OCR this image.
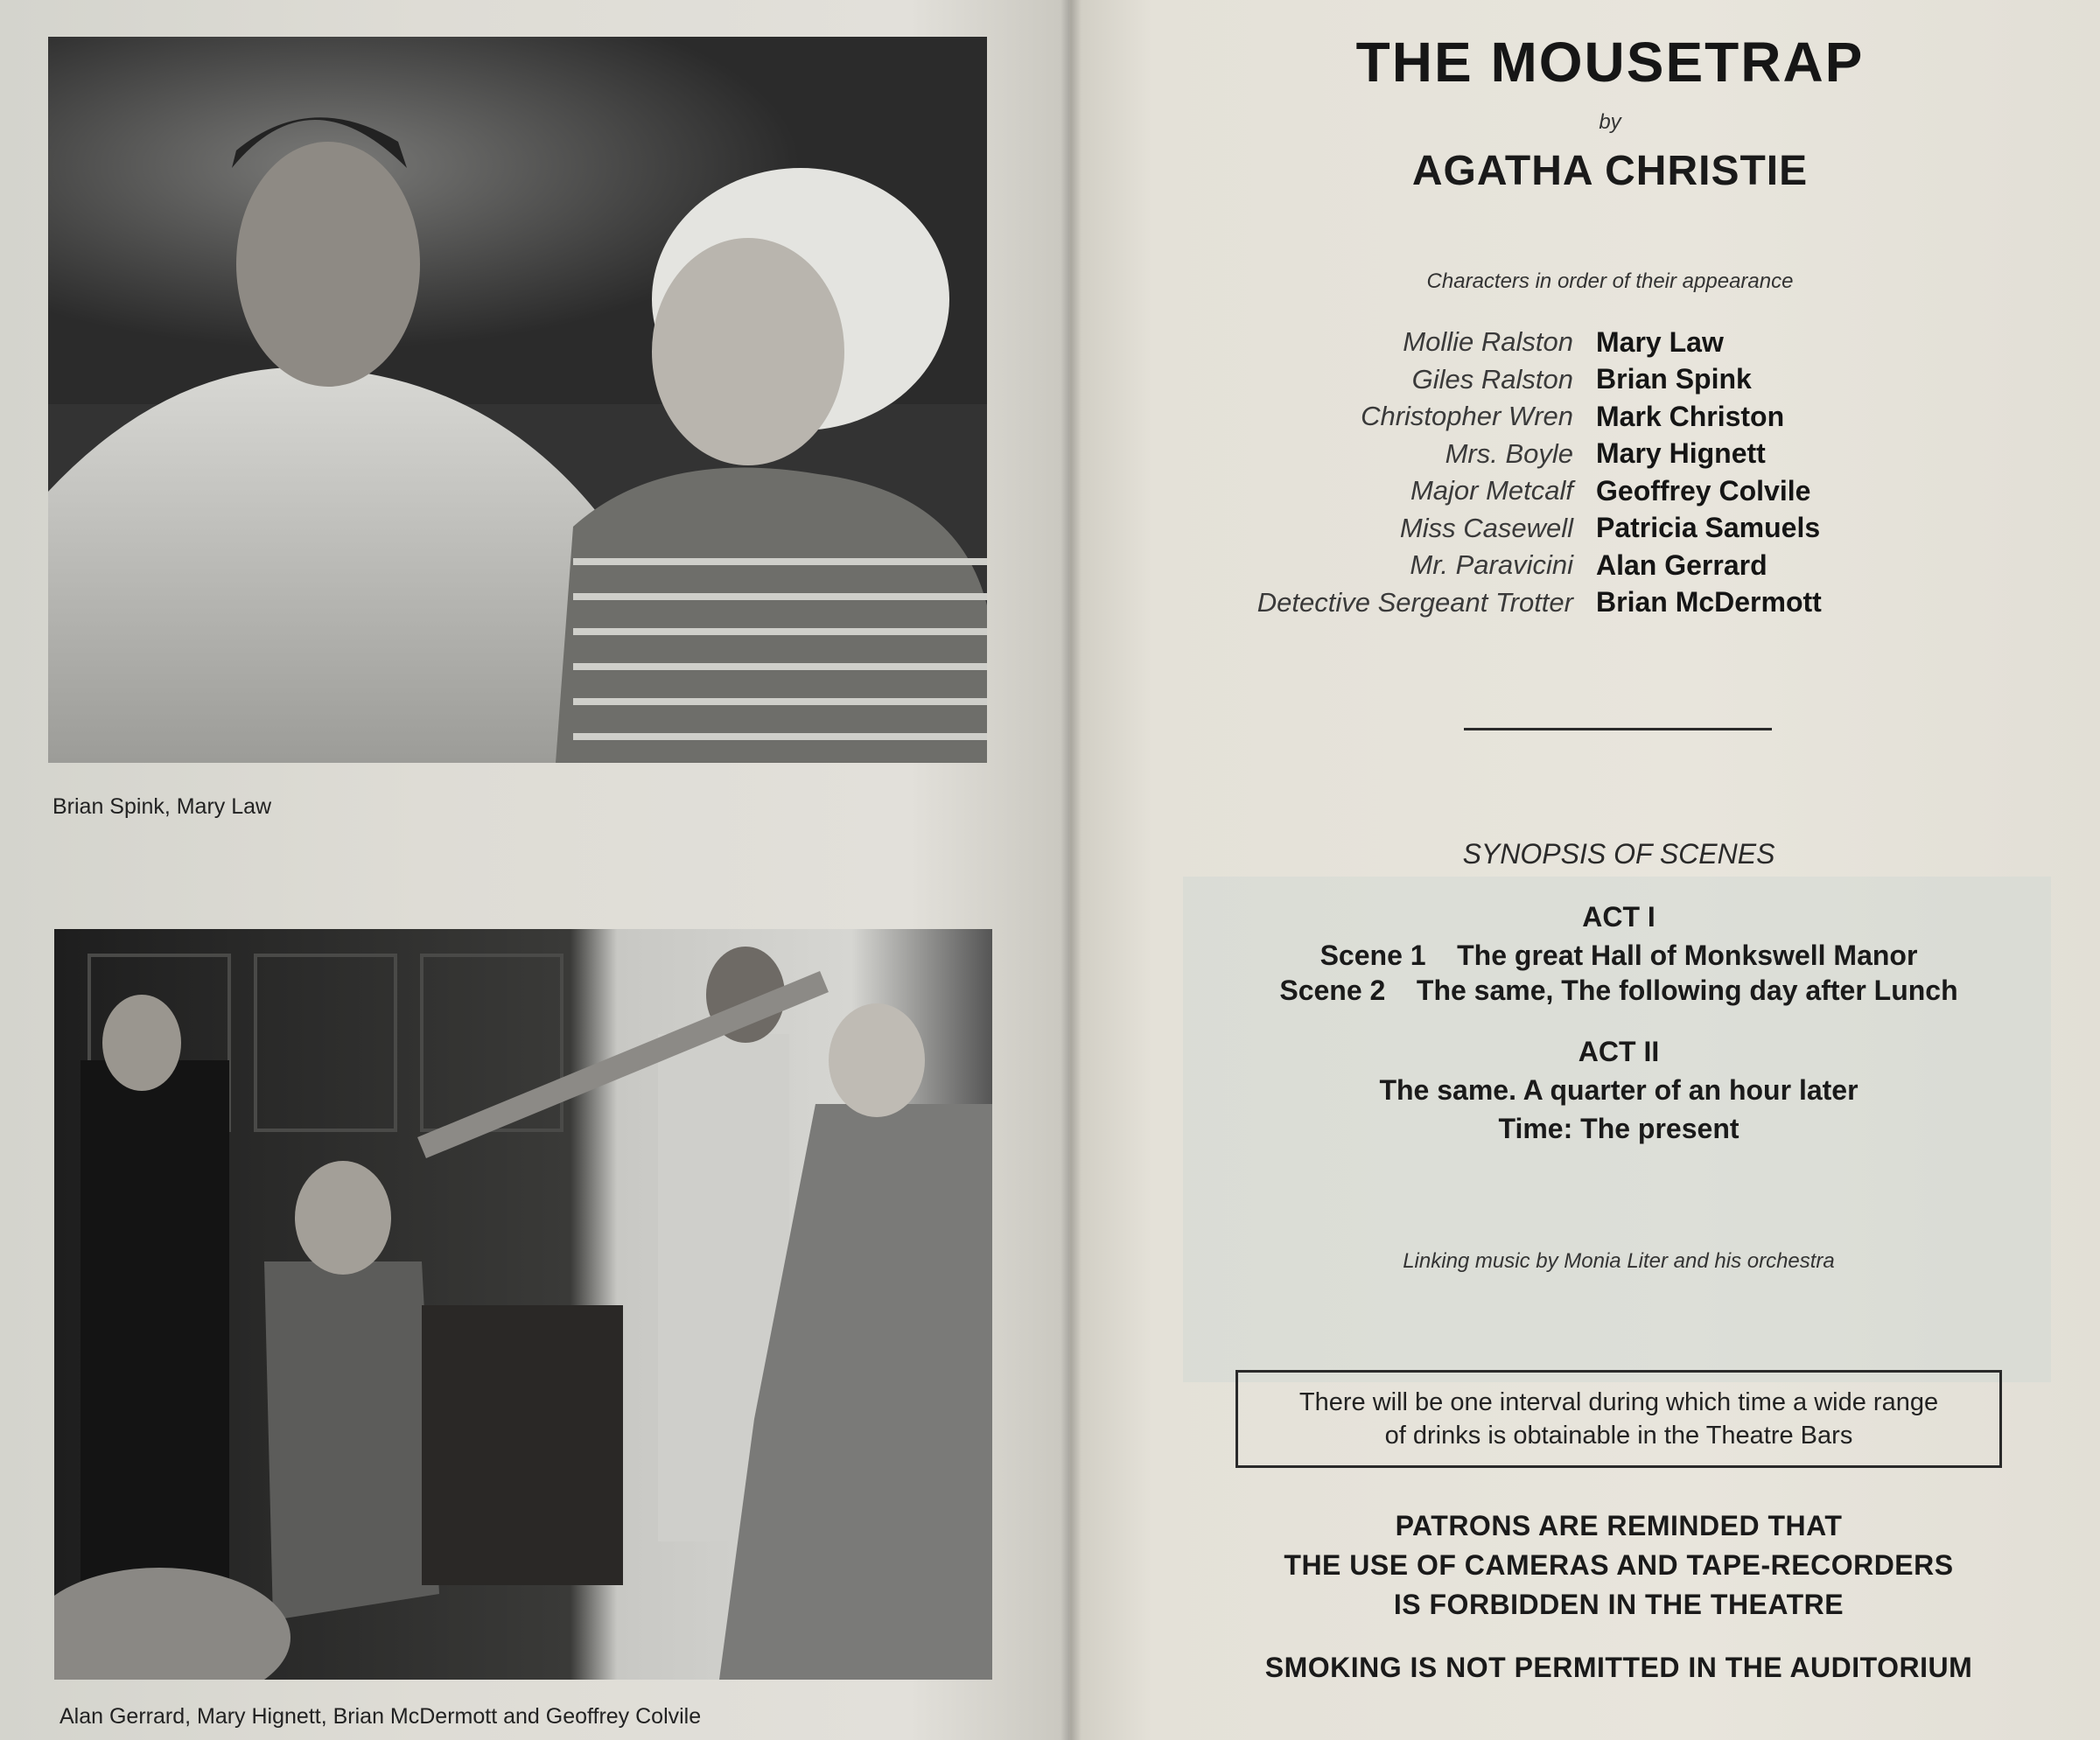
Brian Spink, Mary Law
Alan Gerrard, Mary Hignett, Brian McDermott and Geoffrey Colvile
THE MOUSETRAP
by
AGATHA CHRISTIE
Characters in order of their appearance
Mollie Ralston Mary Law
Giles Ralston Brian Spink
Christopher Wren Mark Christon
Mrs. Boyle Mary Hignett
Major Metcalf Geoffrey Colvile
Miss Casewell Patricia Samuels
Mr. Paravicini Alan Gerrard
Detective Sergeant Trotter Brian McDermott
SYNOPSIS OF SCENES
ACT I
Scene 1    The great Hall of Monkswell Manor
Scene 2    The same, The following day after Lunch
ACT II
The same. A quarter of an hour later
Time: The present
Linking music by Monia Liter and his orchestra
There will be one interval during which time a wide range
of drinks is obtainable in the Theatre Bars
PATRONS ARE REMINDED THAT
THE USE OF CAMERAS AND TAPE-RECORDERS
IS FORBIDDEN IN THE THEATRE
SMOKING IS NOT PERMITTED IN THE AUDITORIUM
